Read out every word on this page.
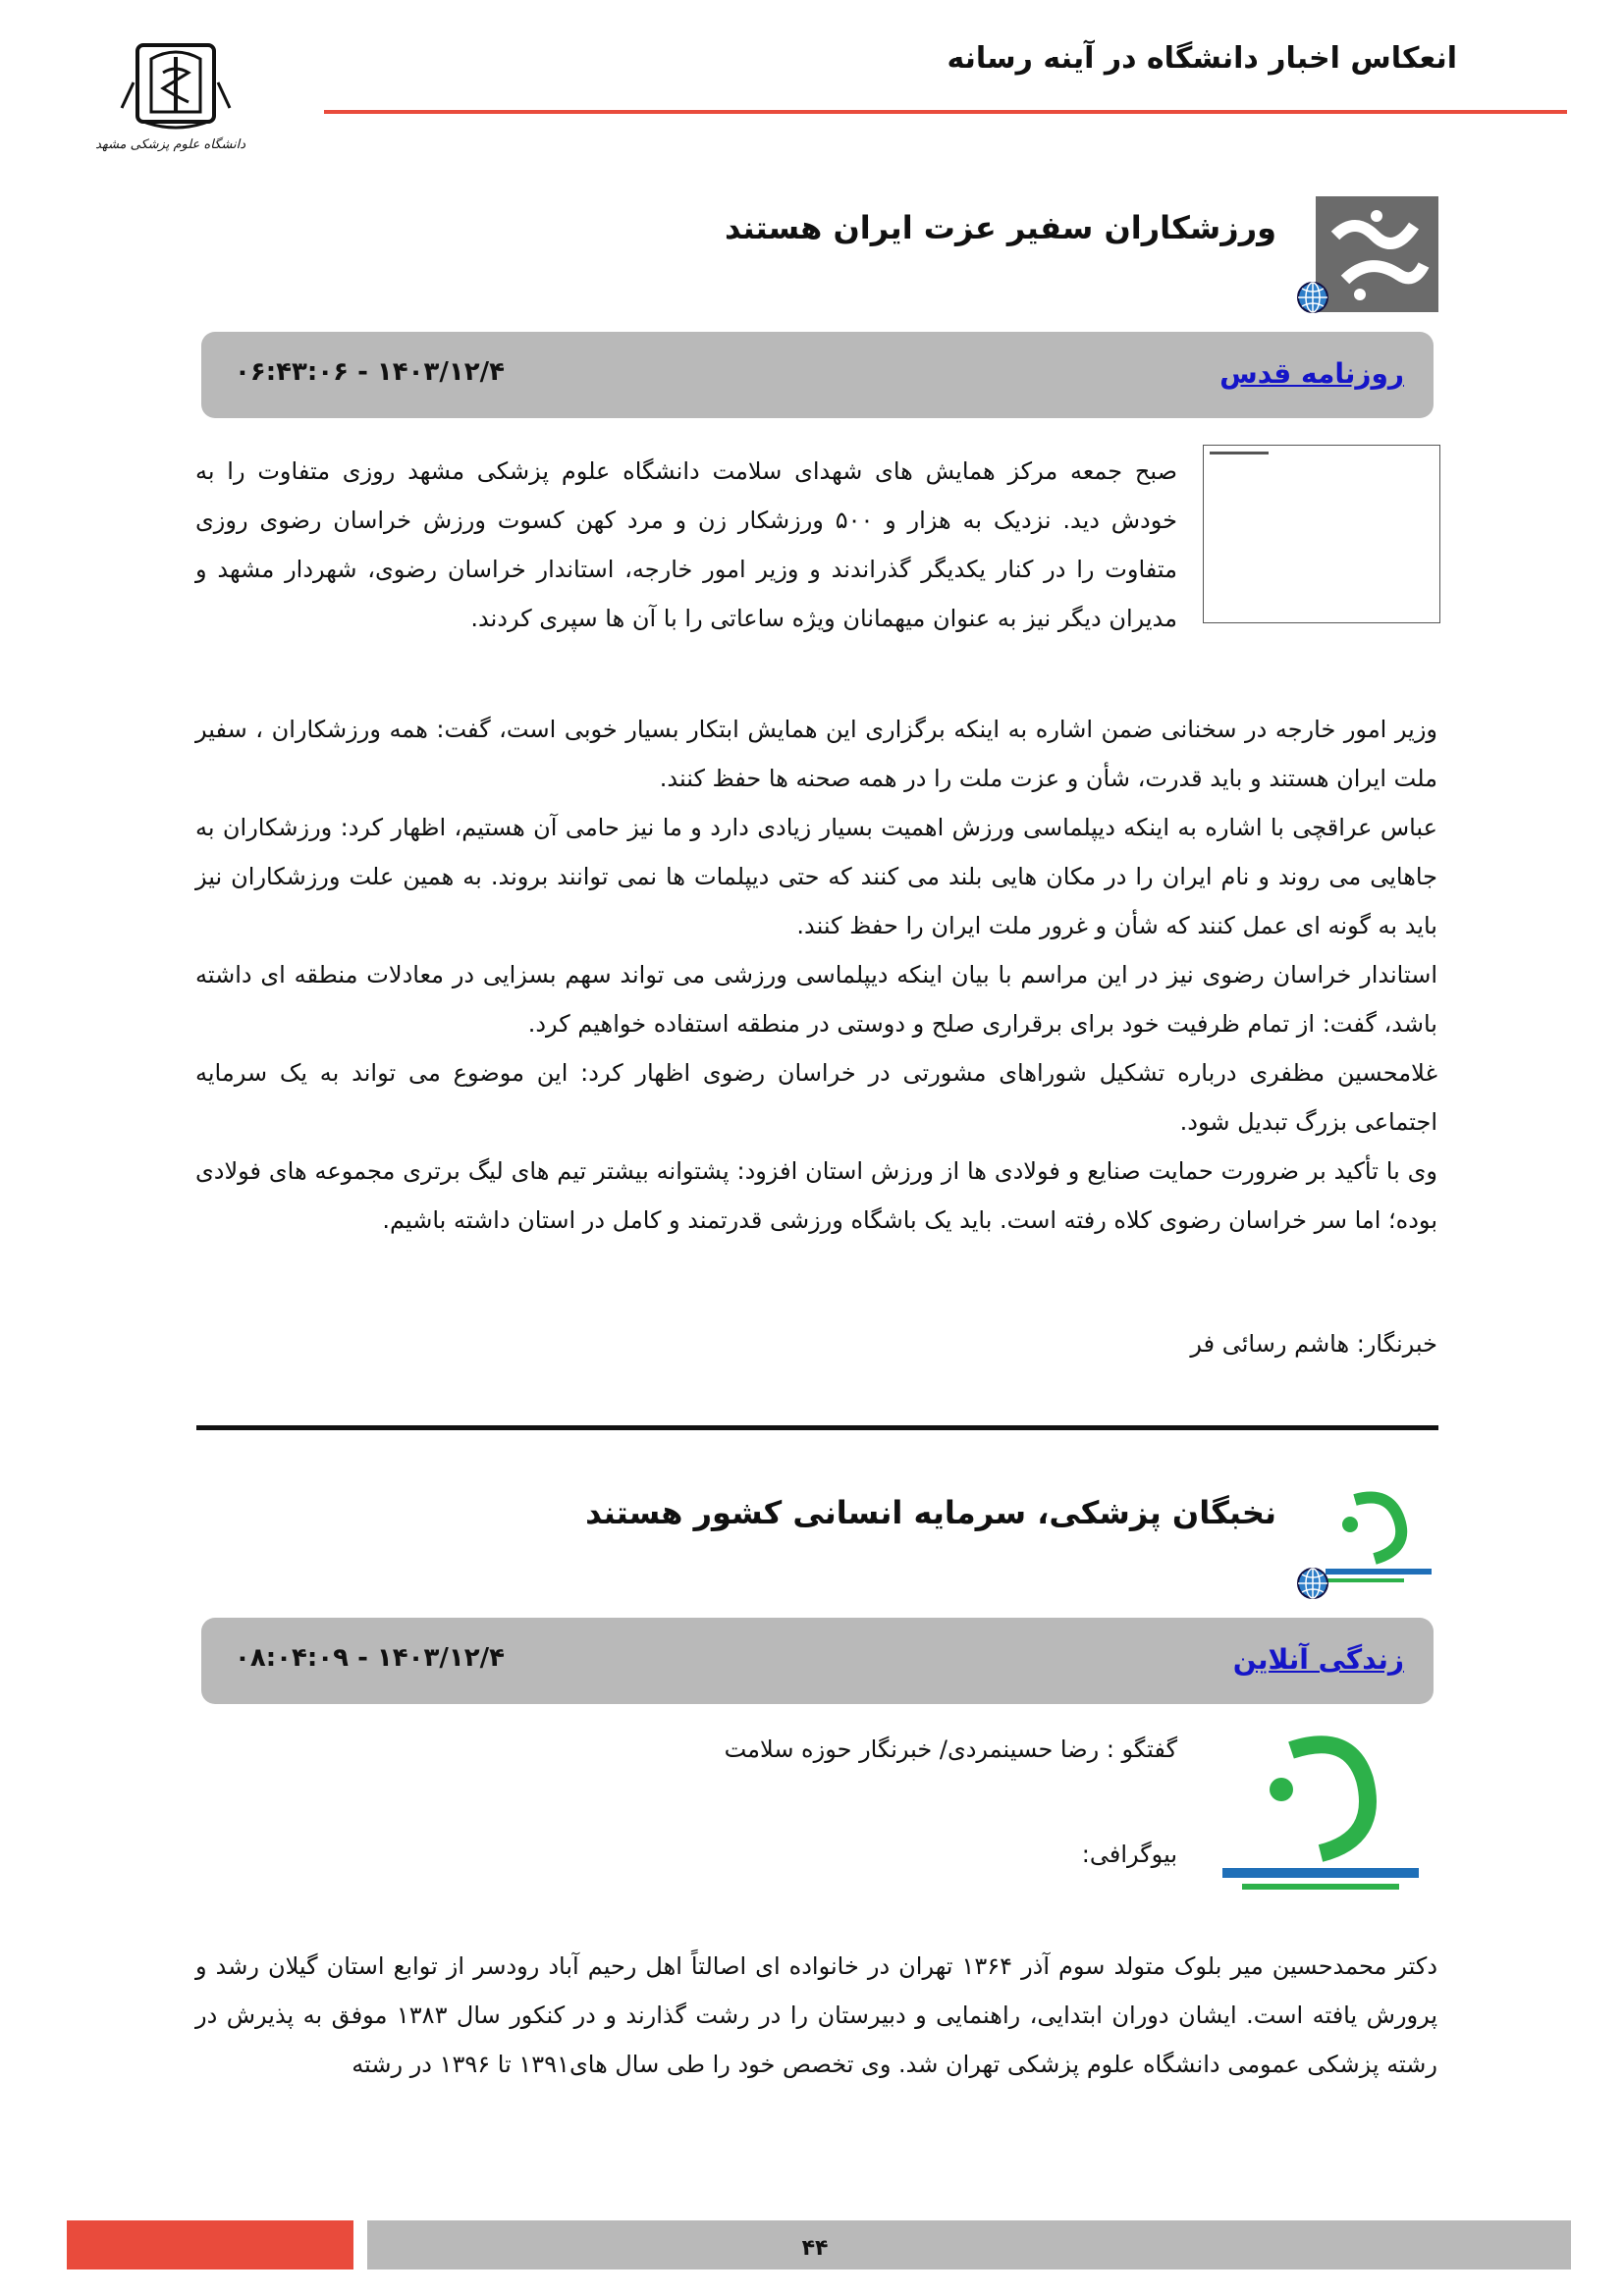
دانشگاه علوم پزشکی مشهد
انعکاس اخبار دانشگاه در آینه رسانه
ورزشکاران سفیر عزت ایران هستند
روزنامه قدس
۱۴۰۳/۱۲/۴ - ۰۶:۴۳:۰۶
صبح جمعه مرکز همایش های شهدای سلامت دانشگاه علوم پزشکی مشهد روزی متفاوت را به خودش دید. نزدیک به هزار و ۵۰۰ ورزشکار زن و مرد کهن کسوت ورزش خراسان رضوی روزی متفاوت را در کنار یکدیگر گذراندند و وزیر امور خارجه، استاندار خراسان رضوی، شهردار مشهد و مدیران دیگر نیز به عنوان میهمانان ویژه ساعاتی را با آن ها سپری کردند.

وزیر امور خارجه در سخنانی ضمن اشاره به اینکه برگزاری این همایش ابتکار بسیار خوبی است، گفت: همه ورزشکاران ، سفیر ملت ایران هستند و باید قدرت، شأن و عزت ملت را در همه صحنه ها حفظ کنند.

عباس عراقچی با اشاره به اینکه دیپلماسی ورزش اهمیت بسیار زیادی دارد و ما نیز حامی آن هستیم، اظهار کرد: ورزشکاران به جاهایی می روند و نام ایران را در مکان هایی بلند می کنند که حتی دیپلمات ها نمی توانند بروند. به همین علت ورزشکاران نیز باید به گونه ای عمل کنند که شأن و غرور ملت ایران را حفظ کنند.

استاندار خراسان رضوی نیز در این مراسم با بیان اینکه دیپلماسی ورزشی می تواند سهم بسزایی در معادلات منطقه ای داشته باشد، گفت: از تمام ظرفیت خود برای برقراری صلح و دوستی در منطقه استفاده خواهیم کرد.

غلامحسین مظفری درباره تشکیل شوراهای مشورتی در خراسان رضوی اظهار کرد: این موضوع می تواند به یک سرمایه اجتماعی بزرگ تبدیل شود.

وی با تأکید بر ضرورت حمایت صنایع و فولادی ها از ورزش استان افزود: پشتوانه بیشتر تیم های لیگ برتری مجموعه های فولادی بوده؛ اما سر خراسان رضوی کلاه رفته است. باید یک باشگاه ورزشی قدرتمند و کامل در استان داشته باشیم.

خبرنگار: هاشم رسائی فر
نخبگان پزشکی، سرمایه انسانی کشور هستند
زندگی آنلاین
۱۴۰۳/۱۲/۴ - ۰۸:۰۴:۰۹
گفتگو : رضا حسینمردی/ خبرنگار حوزه سلامت
بیوگرافی:

دکتر محمدحسین میر بلوک متولد سوم آذر ۱۳۶۴ تهران در خانواده ای اصالتاً اهل رحیم آباد رودسر از توابع استان گیلان رشد و پرورش یافته است. ایشان دوران ابتدایی، راهنمایی و دبیرستان را در رشت گذارند و در کنکور سال ۱۳۸۳ موفق به پذیرش در رشته پزشکی عمومی دانشگاه علوم پزشکی تهران شد. وی تخصص خود را طی سال های۱۳۹۱ تا ۱۳۹۶ در رشته

۴۴
